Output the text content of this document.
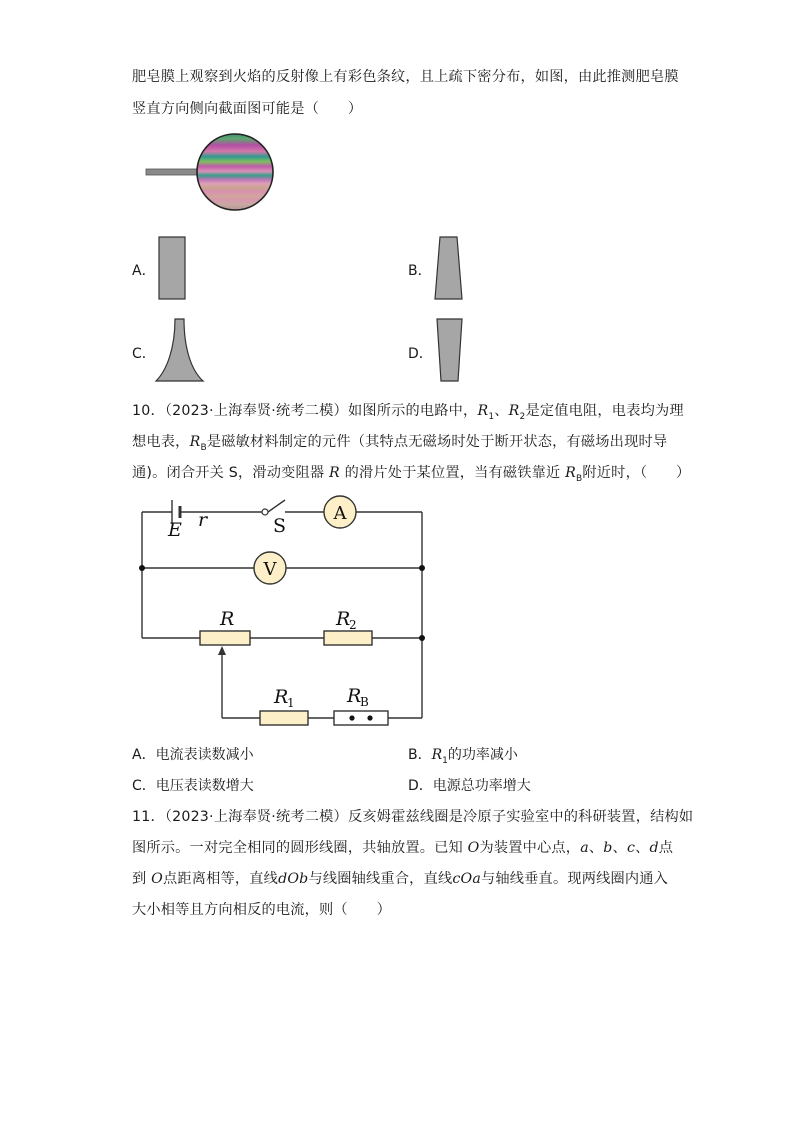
肥皂膜上观察到火焰的反射像上有彩色条纹，且上疏下密分布，如图，由此推测肥皂膜
竖直方向侧向截面图可能是（　　）
A．	B．
C．	D．
10．（2023·上海奉贤·统考二模）如图所示的电路中，$R_1$、$R_2$是定值电阻，电表均为理
想电表，$R_B$是磁敏材料制定的元件（其特点无磁场时处于断开状态，有磁场出现时导
通)。闭合开关 S，滑动变阻器 R 的滑片处于某位置，当有磁铁靠近 $R_B$附近时，（　　）
E r	S
A
V
R	R
2
R
1	R
B
A．电流表读数减小	B．$R_1$的功率减小
C．电压表读数增大	D．电源总功率增大
11．（2023·上海奉贤·统考二模）反亥姆霍兹线圈是冷原子实验室中的科研装置，结构如
图所示。一对完全相同的圆形线圈，共轴放置。已知 O为装置中心点，a、b、c、d点
到 O点距离相等，直线dOb与线圈轴线重合，直线cOa与轴线垂直。现两线圈内通入
大小相等且方向相反的电流，则（　　）
